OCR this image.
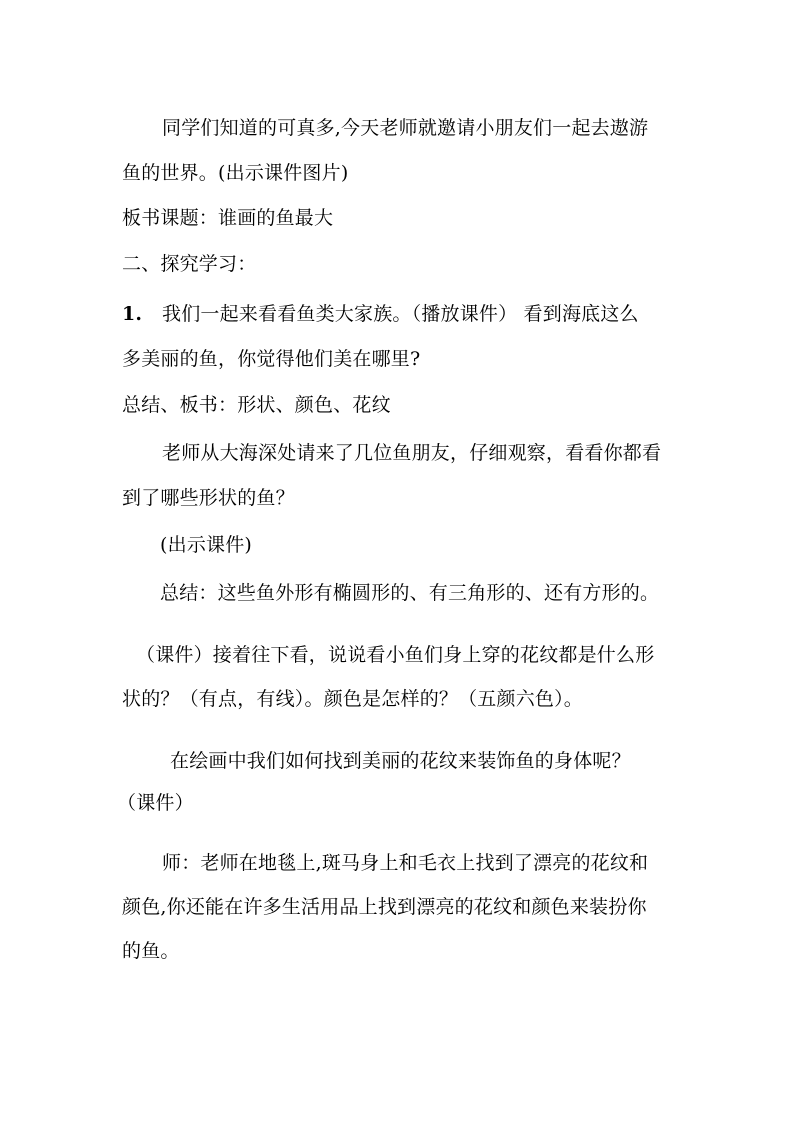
同学们知道的可真多,今天老师就邀请小朋友们一起去遨游
鱼的世界。(出示课件图片)
板书课题：谁画的鱼最大
二、探究学习：
1. 我们一起来看看鱼类大家族。（播放课件） 看到海底这么
多美丽的鱼，你觉得他们美在哪里?
总结、板书：形状、颜色、花纹
老师从大海深处请来了几位鱼朋友，仔细观察，看看你都看
到了哪些形状的鱼？
(出示课件)
总结：这些鱼外形有椭圆形的、有三角形的、还有方形的。
（课件）接着往下看，说说看小鱼们身上穿的花纹都是什么形
状的？（有点，有线）。颜色是怎样的？（五颜六色）。
在绘画中我们如何找到美丽的花纹来装饰鱼的身体呢？
（课件）
师：老师在地毯上,斑马身上和毛衣上找到了漂亮的花纹和
颜色,你还能在许多生活用品上找到漂亮的花纹和颜色来装扮你
的鱼。
